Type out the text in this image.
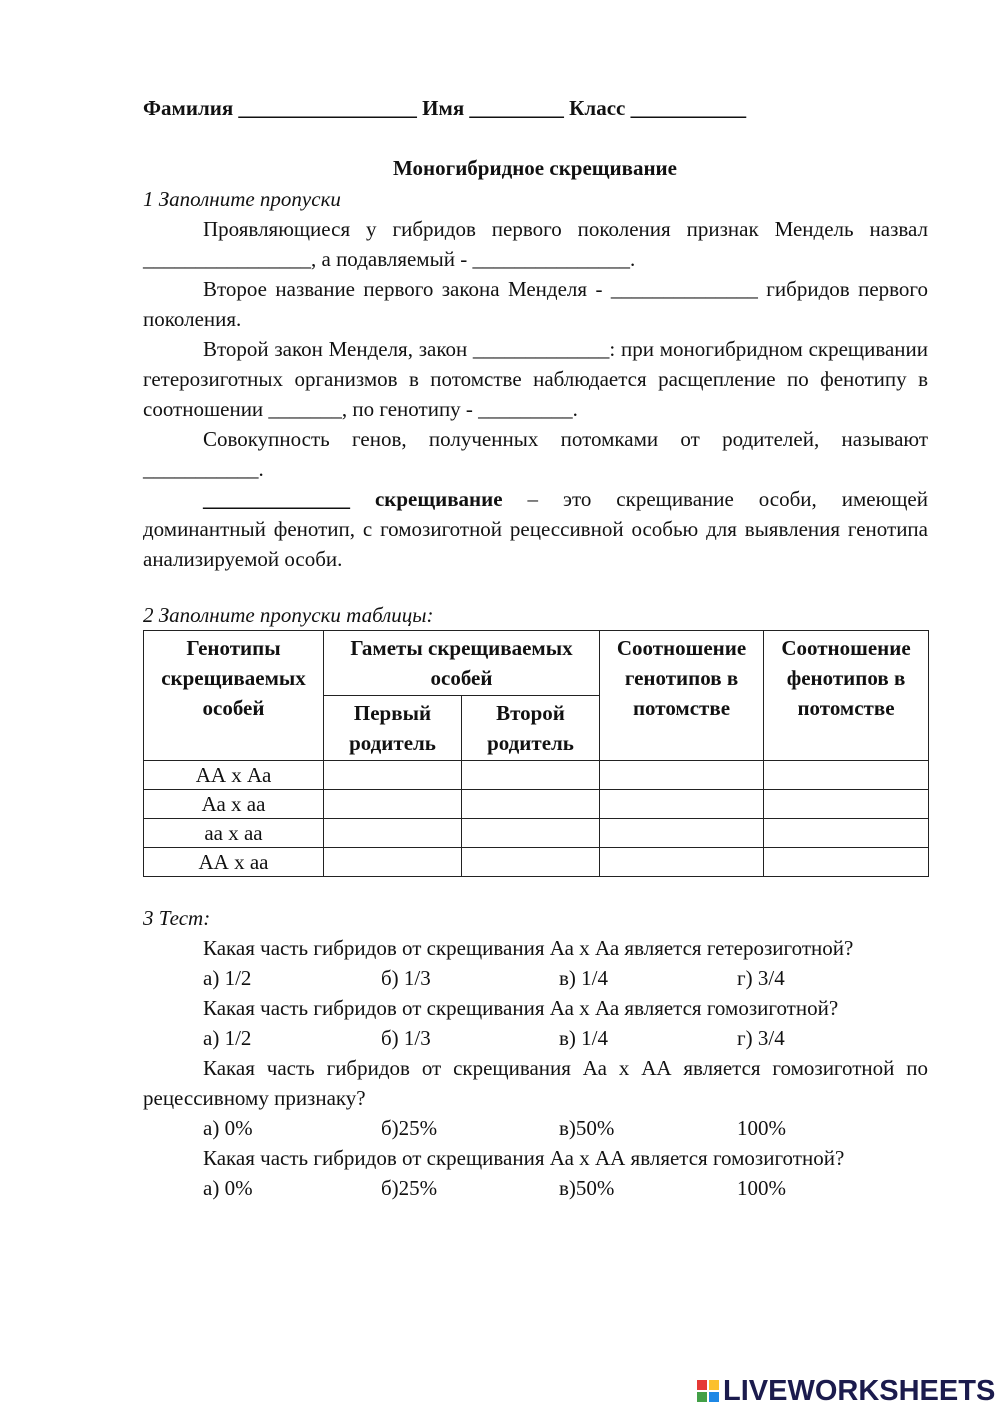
Фамилия _________________ Имя _________ Класс ___________
Моногибридное скрещивание
1 Заполните пропуски

Проявляющиеся у гибридов первого поколения признак Мендель назвал ________________, а подавляемый - _______________.

Второе название первого закона Менделя - ______________ гибридов первого поколения.

Второй закон Менделя, закон _____________: при моногибридном скрещивании гетерозиготных организмов в потомстве наблюдается расщепление по фенотипу в соотношении _______, по генотипу - _________.

Совокупность генов, полученных потомками от родителей, называют ___________.

______________ скрещивание – это скрещивание особи, имеющей доминантный фенотип, с гомозиготной рецессивной особью для выявления генотипа анализируемой особи.

2 Заполните пропуски таблицы:
Генотипы скрещиваемых особей	Гаметы скрещиваемых особей		Соотношение генотипов в потомстве	Соотношение фенотипов в потомстве
	Первый родитель	Второй родитель		
АА х Аа				
Аа х аа				
аа х аа				
АА х аа				
3 Тест:

Какая часть гибридов от скрещивания Аа х Аа является гетерозиготной?

а) 1/2	б) 1/3	в) 1/4	г) 3/4

Какая часть гибридов от скрещивания Аа х Аа является гомозиготной?

а) 1/2	б) 1/3	в) 1/4	г) 3/4

Какая часть гибридов от скрещивания Аа х АА является гомозиготной по рецессивному признаку?

а) 0%	б)25%	в)50%	100%

Какая часть гибридов от скрещивания Аа х АА является гомозиготной?

а) 0%	б)25%	в)50%	100%
LIVEWORKSHEETS
